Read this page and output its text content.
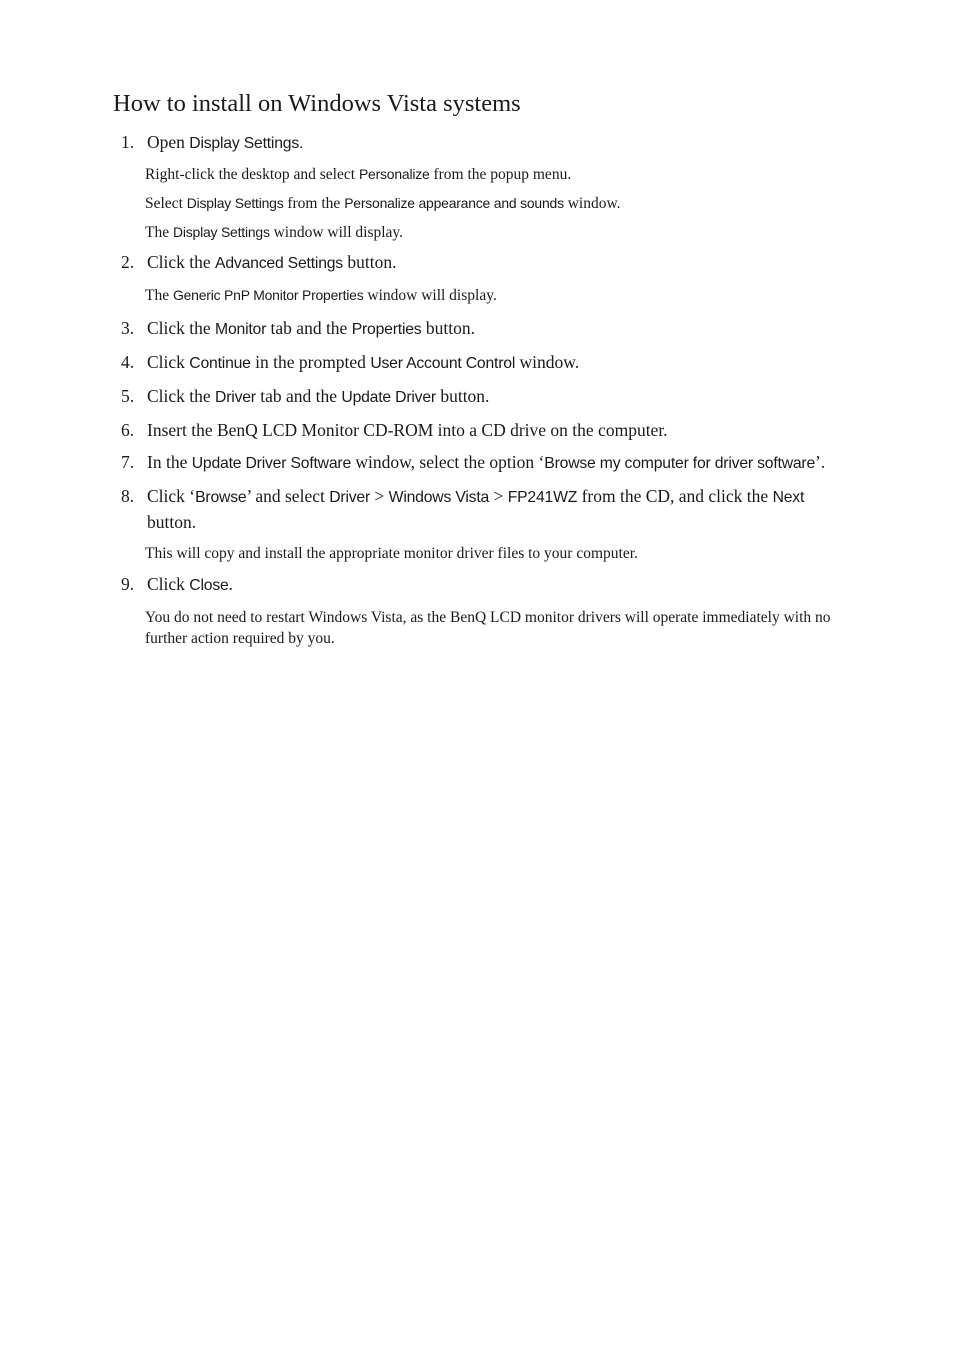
How to install on Windows Vista systems
1. Open Display Settings.
Right-click the desktop and select Personalize from the popup menu.
Select Display Settings from the Personalize appearance and sounds window.
The Display Settings window will display.
2. Click the Advanced Settings button.
The Generic PnP Monitor Properties window will display.
3. Click the Monitor tab and the Properties button.
4. Click Continue in the prompted User Account Control window.
5. Click the Driver tab and the Update Driver button.
6. Insert the BenQ LCD Monitor CD-ROM into a CD drive on the computer.
7. In the Update Driver Software window, select the option ‘Browse my computer for driver software’.
8. Click ‘Browse’ and select Driver > Windows Vista > FP241WZ from the CD, and click the Next button.
This will copy and install the appropriate monitor driver files to your computer.
9. Click Close.
You do not need to restart Windows Vista, as the BenQ LCD monitor drivers will operate immediately with no further action required by you.
